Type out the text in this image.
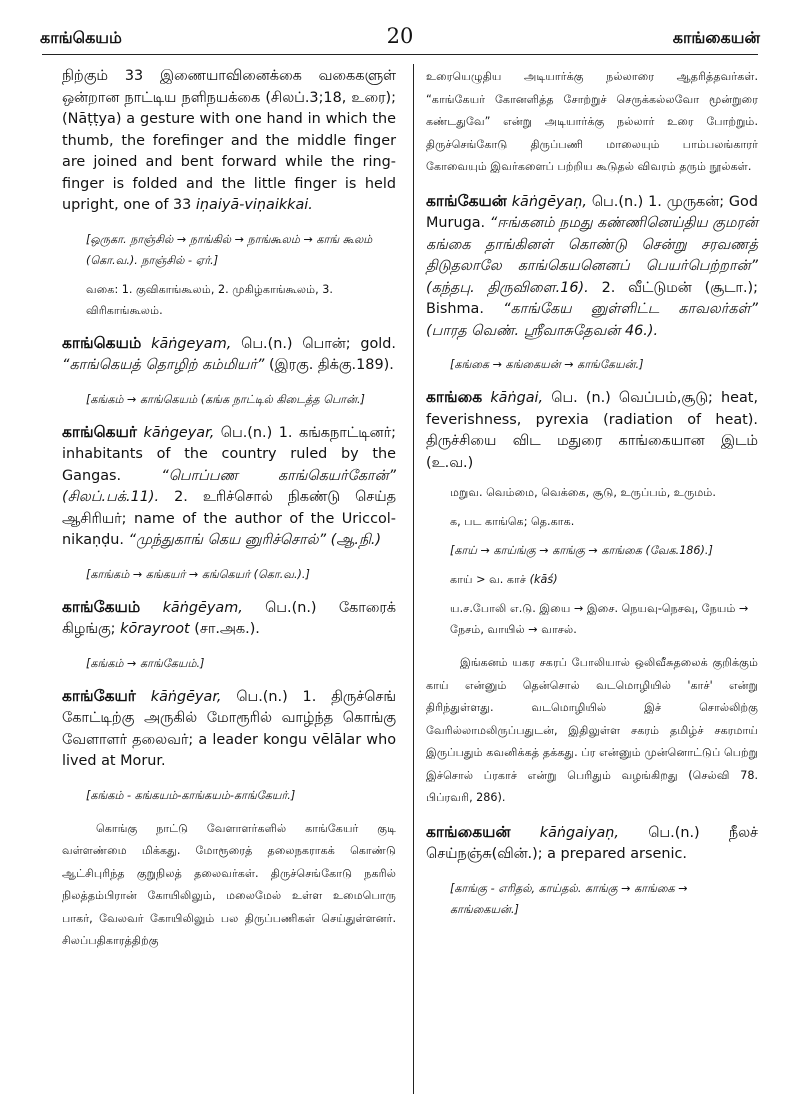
காங்கெயம்	20	காங்கையன்

நிற்கும் 33 இணையாவினைக்கை வகைகளுள் ஒன்றான நாட்டிய நளிநயக்கை (சிலப்.3;18, உரை); (Nāṭṭya) a gesture with one hand in which the thumb, the forefinger and the middle finger are joined and bent forward while the ring-finger is folded and the little finger is held upright, one of 33 iṇaiyā-viṇaikkai.

[ஒருகா. நாஞ்சில் → நாங்கில் → நாங்கூலம் → காங் கூலம் (கொ.வ.). நாஞ்சில் - ஏர்.]

வகை: 1. குவிகாங்கூலம், 2. முகிழ்காங்கூலம், 3. விரிகாங்கூலம்.

காங்கெயம் kāṅgeyam, பெ.(n.) பொன்; gold. “காங்கெயத் தொழிற் கம்மியர்” (இரகு. திக்கு.189).

[கங்கம் → காங்கெயம் (கங்க நாட்டில் கிடைத்த பொன்.]

காங்கெயர் kāṅgeyar, பெ.(n.) 1. கங்கநாட்டினர்; inhabitants of the country ruled by the Gangas.	“பொப்பண காங்கெயர்கோன்” (சிலப்.பக்.11). 2. உரிச்சொல் நிகண்டு செய்த ஆசிரியர்; name of the author of the Uriccol-nikaṇḍu. “முந்துகாங் கெய னுரிச்சொல்” (ஆ.நி.)

[காங்கம் → கங்கயர் → கங்கெயர் (கொ.வ.).]

காங்கேயம் kāṅgēyam, பெ.(n.) கோரைக் கிழங்கு; kōrayroot (சா.அக.).

[கங்கம் → காங்கேயம்.]

காங்கேயர் kāṅgēyar, பெ.(n.) 1. திருச்செங் கோட்டிற்கு அருகில் மோரூரில் வாழ்ந்த கொங்கு வேளாளர் தலைவர்; a leader kongu vēlālar who lived at Morur.

[கங்கம் - கங்கயம்-காங்கயம்-காங்கேயர்.]

கொங்கு நாட்டு வேளாளர்களில் காங்கேயர் குடி வள்ளண்மை மிக்கது. மோரூரைத் தலைநகராகக் கொண்டு ஆட்சிபுரிந்த குறுநிலத் தலைவர்கள். திருச்செங்கோடு நகரில் நிலத்தம்பிரான் கோயிலிலும், மலைமேல் உள்ள உமைபொரு பாகர், வேலவர் கோயிலிலும் பல திருப்பணிகள் செய்துள்ளனர். சிலப்பதிகாரத்திற்கு

உரையெழுதிய அடியார்க்கு நல்லாரை ஆதரித்தவர்கள். “காங்கேயர் கோனளித்த சோற்றுச் செருக்கல்லவோ மூன்றுரை கண்டதுவே” என்று அடியார்க்கு நல்லார் உரை போற்றும். திருச்செங்கோடு திருப்பணி மாலையும் பாம்பலங்காரர் கோவையும் இவர்களைப் பற்றிய கூடுதல் விவரம் தரும் நூல்கள்.

காங்கேயன் kāṅgēyaṇ, பெ.(n.) 1. முருகன்; God Muruga. “ஈங்கனம் நமது கண்ணினெய்திய குமரன் கங்கை தாங்கினள் கொண்டு சென்று சரவணத் திடுதலாலே காங்கெயனெனப் பெயர்பெற்றான்” (கந்தபு. திருவிளை.16). 2. வீட்டுமன் (சூடா.); Bishma. “காங்கேய னுள்ளிட்ட காவலர்கள்” (பாரத வெண். ஸ்ரீவாசுதேவன் 46.).

[கங்கை → கங்கையன் → காங்கேயன்.]

காங்கை kāṅgai, பெ. (n.) வெப்பம்,சூடு; heat, feverishness, pyrexia (radiation of heat). திருச்சியை விட மதுரை காங்கையான இடம் (உ.வ.)

மறுவ. வெம்மை, வெக்கை, சூடு, உருப்பம், உருமம்.

க, பட காங்கெ; தெ.காக.

[காய் → காய்ங்கு → காங்கு → காங்கை (வேக.186).]

காய் > வ. காச் (kāś)

ய.ச.போலி எ.டு. இயை → இசை. நெயவு-நெசவு, நேயம் → நேசம், வாயில் → வாசல்.

இங்கனம் யகர சகரப் போலியால் ஒலிவீசுதலைக் குறிக்கும் காய் என்னும் தென்சொல் வடமொழியில் 'காச்' என்று திரிந்துள்ளது. வடமொழியில் இச் சொல்லிற்கு வேரில்லாமலிருப்பதுடன், இதிலுள்ள சகரம் தமிழ்ச் சகரமாய் இருப்பதும் கவனிக்கத் தக்கது. ப்ர என்னும் முன்னொட்டுப் பெற்று இச்சொல் ப்ரகாச் என்று பெரிதும் வழங்கிறது (செல்வி 78. பிப்ரவரி, 286).

காங்கையன் kāṅgaiyaṇ, பெ.(n.) நீலச் செய்நஞ்சு(வின்.); a prepared arsenic.

[காங்கு - எரிதல், காய்தல். காங்கு → காங்கை → காங்கையன்.]
